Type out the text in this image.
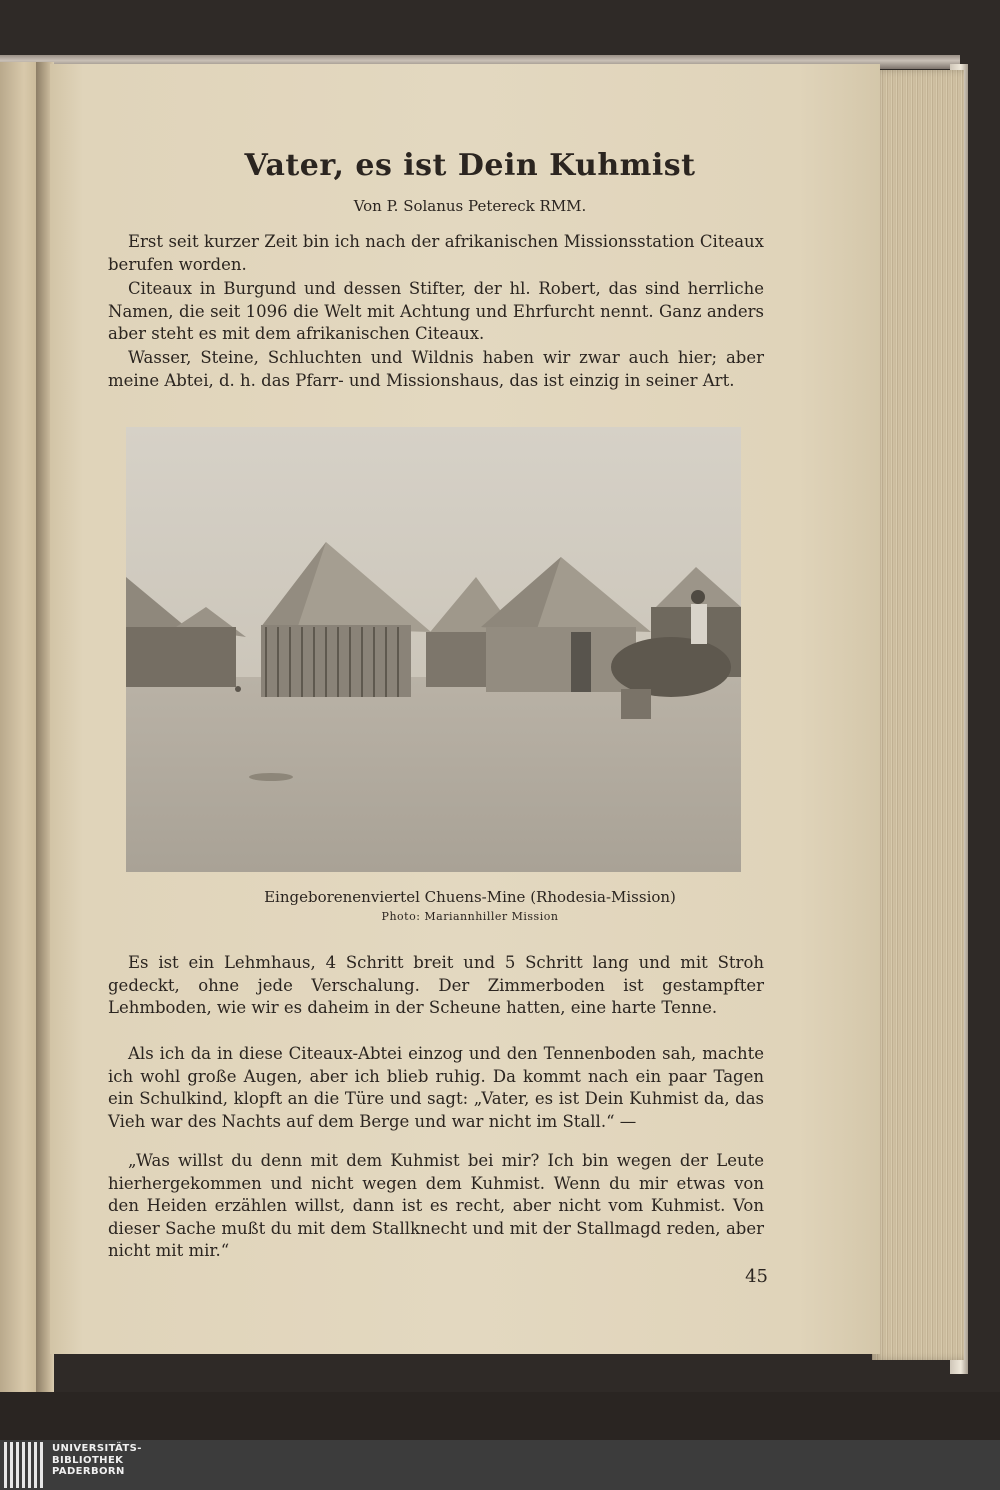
Vater, es ist Dein Kuhmist
Von P. Solanus Petereck RMM.

Erst seit kurzer Zeit bin ich nach der afrikanischen Missionsstation Citeaux berufen worden.

Citeaux in Burgund und dessen Stifter, der hl. Robert, das sind herrliche Namen, die seit 1096 die Welt mit Achtung und Ehrfurcht nennt. Ganz anders aber steht es mit dem afrikanischen Citeaux.

Wasser, Steine, Schluchten und Wildnis haben wir zwar auch hier; aber meine Abtei, d. h. das Pfarr- und Missionshaus, das ist einzig in seiner Art.

Eingeborenenviertel Chuens-Mine (Rhodesia-Mission)
Photo: Mariannhiller Mission

Es ist ein Lehmhaus, 4 Schritt breit und 5 Schritt lang und mit Stroh gedeckt, ohne jede Verschalung. Der Zimmerboden ist gestampfter Lehmboden, wie wir es daheim in der Scheune hatten, eine harte Tenne.

Als ich da in diese Citeaux-Abtei einzog und den Tennenboden sah, machte ich wohl große Augen, aber ich blieb ruhig. Da kommt nach ein paar Tagen ein Schulkind, klopft an die Türe und sagt: „Vater, es ist Dein Kuhmist da, das Vieh war des Nachts auf dem Berge und war nicht im Stall.“ —

„Was willst du denn mit dem Kuhmist bei mir? Ich bin wegen der Leute hierhergekommen und nicht wegen dem Kuhmist. Wenn du mir etwas von den Heiden erzählen willst, dann ist es recht, aber nicht vom Kuhmist. Von dieser Sache mußt du mit dem Stallknecht und mit der Stallmagd reden, aber nicht mit mir.“

45
UNIVERSITÄTS-
BIBLIOTHEK
PADERBORN
